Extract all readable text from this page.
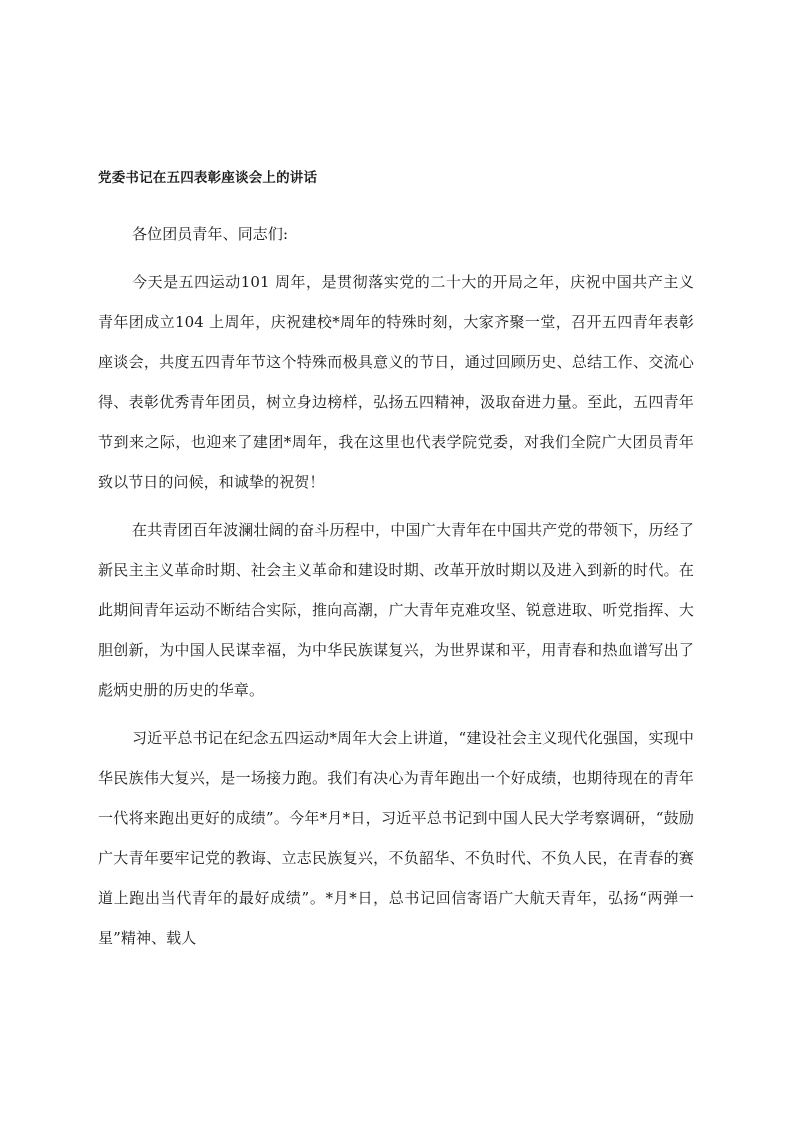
党委书记在五四表彰座谈会上的讲话

各位团员青年、同志们:

今天是五四运动101 周年，是贯彻落实党的二十大的开局之年，庆祝中国共产主义青年团成立104 上周年，庆祝建校*周年的特殊时刻，大家齐聚一堂，召开五四青年表彰座谈会，共度五四青年节这个特殊而极具意义的节日，通过回顾历史、总结工作、交流心得、表彰优秀青年团员，树立身边榜样，弘扬五四精神，汲取奋进力量。至此，五四青年节到来之际，也迎来了建团*周年，我在这里也代表学院党委，对我们全院广大团员青年致以节日的问候，和诚挚的祝贺！

在共青团百年波澜壮阔的奋斗历程中，中国广大青年在中国共产党的带领下，历经了新民主主义革命时期、社会主义革命和建设时期、改革开放时期以及进入到新的时代。在此期间青年运动不断结合实际，推向高潮，广大青年克难攻坚、锐意进取、听党指挥、大胆创新，为中国人民谋幸福，为中华民族谋复兴，为世界谋和平，用青春和热血谱写出了彪炳史册的历史的华章。

习近平总书记在纪念五四运动*周年大会上讲道，“建设社会主义现代化强国，实现中华民族伟大复兴，是一场接力跑。我们有决心为青年跑出一个好成绩，也期待现在的青年一代将来跑出更好的成绩”。今年*月*日，习近平总书记到中国人民大学考察调研，“鼓励广大青年要牢记党的教诲、立志民族复兴，不负韶华、不负时代、不负人民，在青春的赛道上跑出当代青年的最好成绩”。*月*日，总书记回信寄语广大航天青年，弘扬“两弹一星”精神、载人
